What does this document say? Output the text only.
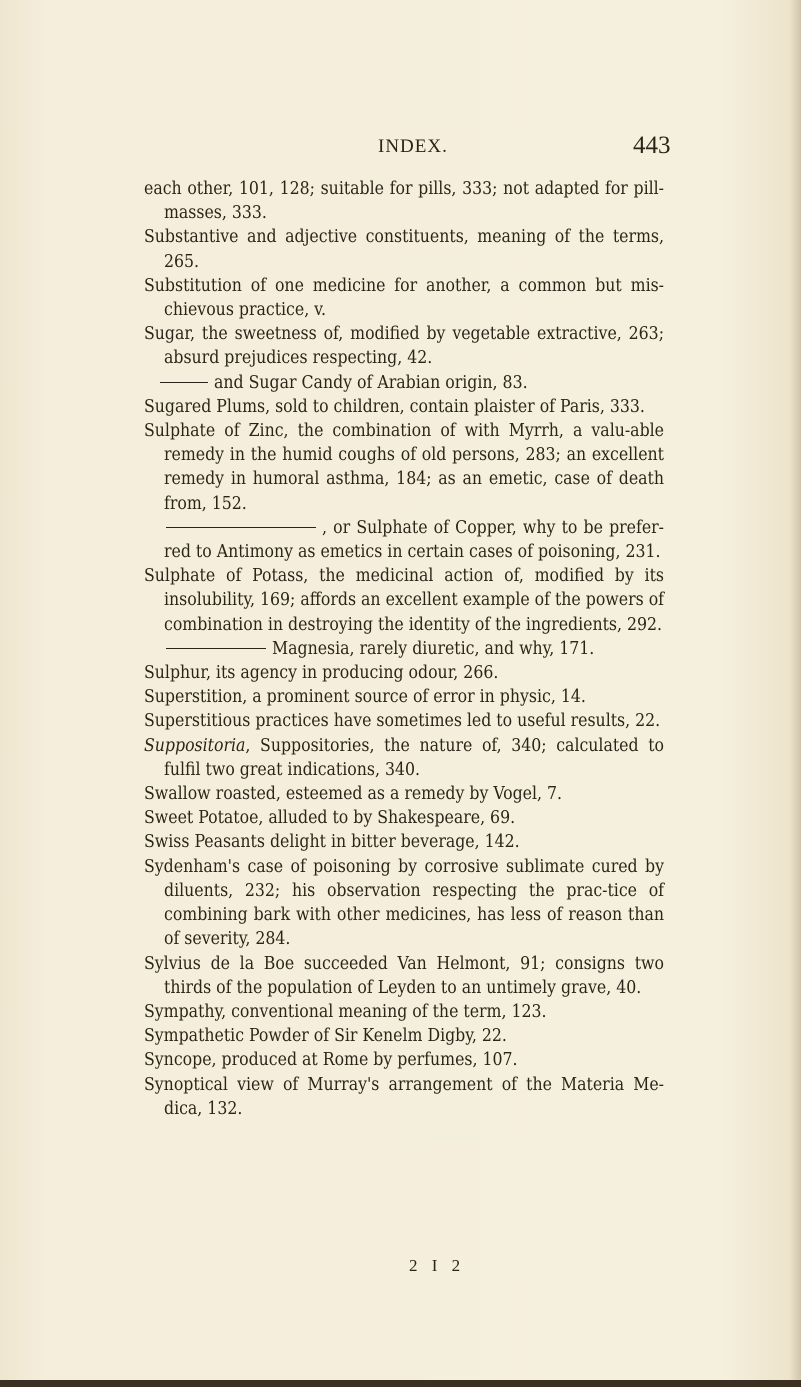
INDEX.	443

each other, 101, 128; suitable for pills, 333; not adapted for pill-masses, 333.

Substantive and adjective constituents, meaning of the terms, 265.

Substitution of one medicine for another, a common but mis-chievous practice, v.

Sugar, the sweetness of, modified by vegetable extractive, 263; absurd prejudices respecting, 42.

and Sugar Candy of Arabian origin, 83.

Sugared Plums, sold to children, contain plaister of Paris, 333.

Sulphate of Zinc, the combination of with Myrrh, a valu-able remedy in the humid coughs of old persons, 283; an excellent remedy in humoral asthma, 184; as an emetic, case of death from, 152.

, or Sulphate of Copper, why to be prefer-red to Antimony as emetics in certain cases of poisoning, 231.

Sulphate of Potass, the medicinal action of, modified by its insolubility, 169; affords an excellent example of the powers of combination in destroying the identity of the ingredients, 292.

Magnesia, rarely diuretic, and why, 171.

Sulphur, its agency in producing odour, 266.

Superstition, a prominent source of error in physic, 14.

Superstitious practices have sometimes led to useful results, 22.

Suppositoria, Suppositories, the nature of, 340; calculated to fulfil two great indications, 340.

Swallow roasted, esteemed as a remedy by Vogel, 7.

Sweet Potatoe, alluded to by Shakespeare, 69.

Swiss Peasants delight in bitter beverage, 142.

Sydenham's case of poisoning by corrosive sublimate cured by diluents, 232; his observation respecting the prac-tice of combining bark with other medicines, has less of reason than of severity, 284.

Sylvius de la Boe succeeded Van Helmont, 91; consigns two thirds of the population of Leyden to an untimely grave, 40.

Sympathy, conventional meaning of the term, 123.

Sympathetic Powder of Sir Kenelm Digby, 22.

Syncope, produced at Rome by perfumes, 107.

Synoptical view of Murray's arrangement of the Materia Me-dica, 132.

2 I 2
